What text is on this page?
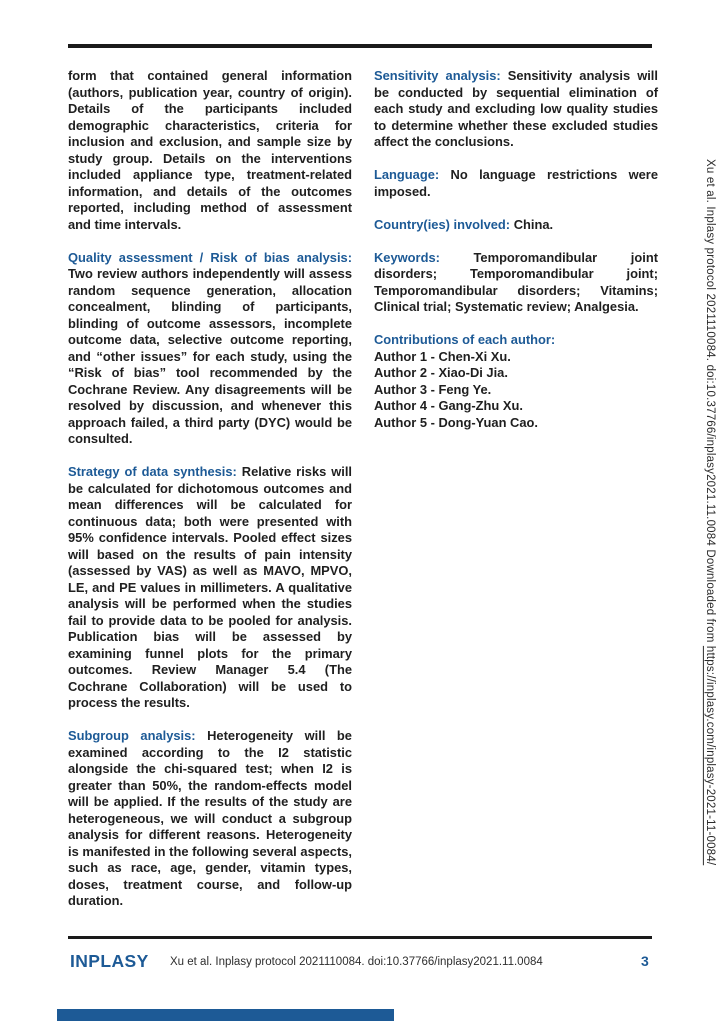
form that contained general information (authors, publication year, country of origin). Details of the participants included demographic characteristics, criteria for inclusion and exclusion, and sample size by study group. Details on the interventions included appliance type, treatment-related information, and details of the outcomes reported, including method of assessment and time intervals.

Quality assessment / Risk of bias analysis: Two review authors independently will assess random sequence generation, allocation concealment, blinding of participants, blinding of outcome assessors, incomplete outcome data, selective outcome reporting, and “other issues” for each study, using the “Risk of bias” tool recommended by the Cochrane Review. Any disagreements will be resolved by discussion, and whenever this approach failed, a third party (DYC) would be consulted.

Strategy of data synthesis: Relative risks will be calculated for dichotomous outcomes and mean differences will be calculated for continuous data; both were presented with 95% confidence intervals. Pooled effect sizes will based on the results of pain intensity (assessed by VAS) as well as MAVO, MPVO, LE, and PE values in millimeters. A qualitative analysis will be performed when the studies fail to provide data to be pooled for analysis. Publication bias will be assessed by examining funnel plots for the primary outcomes. Review Manager 5.4 (The Cochrane Collaboration) will be used to process the results.

Subgroup analysis: Heterogeneity will be examined according to the I2 statistic alongside the chi-squared test; when I2 is greater than 50%, the random-effects model will be applied. If the results of the study are heterogeneous, we will conduct a subgroup analysis for different reasons. Heterogeneity is manifested in the following several aspects, such as race, age, gender, vitamin types, doses, treatment course, and follow-up duration.

Sensitivity analysis: Sensitivity analysis will be conducted by sequential elimination of each study and excluding low quality studies to determine whether these excluded studies affect the conclusions.

Language: No language restrictions were imposed.

Country(ies) involved: China.

Keywords:	Temporomandibular joint disorders; Temporomandibular joint; Temporomandibular disorders; Vitamins; Clinical trial; Systematic review; Analgesia.

Contributions of each author:
Author 1 - Chen-Xi Xu.
Author 2 - Xiao-Di Jia.
Author 3 - Feng Ye.
Author 4 - Gang-Zhu Xu.
Author 5 - Dong-Yuan Cao.	Xu et al. Inplasy protocol 2021110084. doi:10.37766/inplasy2021.11.0084 Downloaded from https://inplasy.com/inplasy-2021-11-0084/
INPLASY Xu et al. Inplasy protocol 2021110084. doi:10.37766/inplasy2021.11.0084	3
